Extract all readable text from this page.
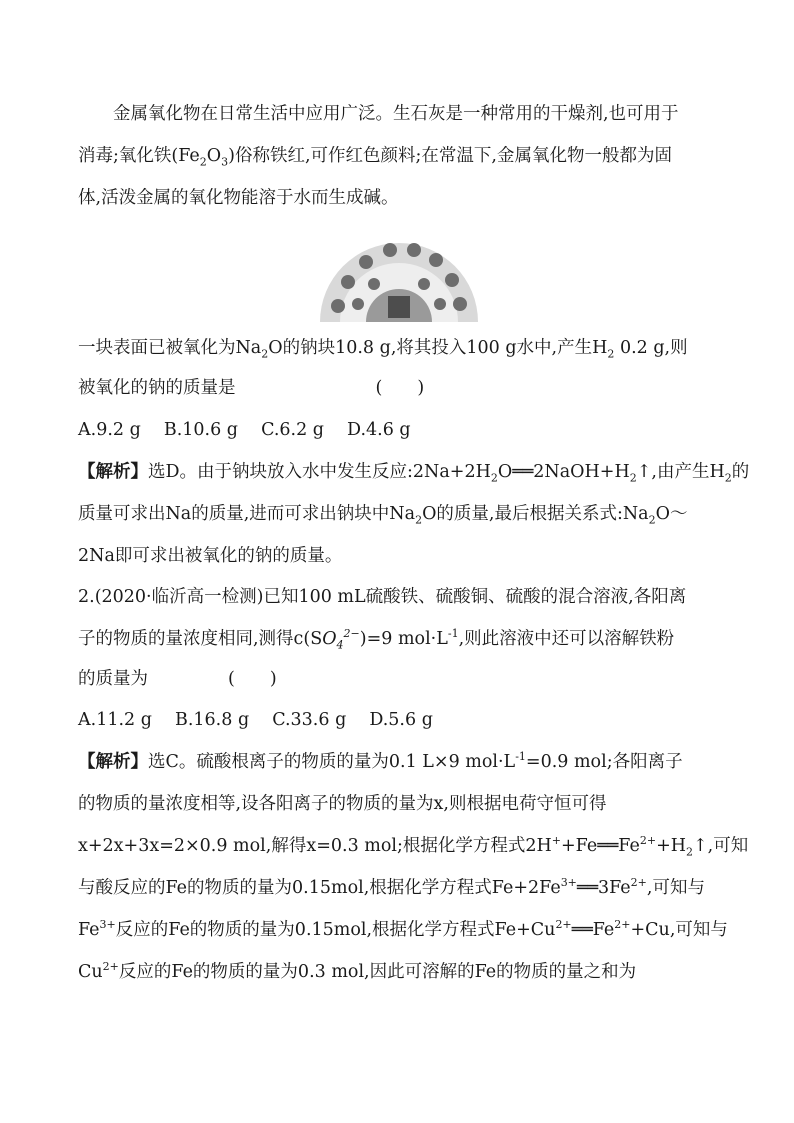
金属氧化物在日常生活中应用广泛。生石灰是一种常用的干燥剂,也可用于
消毒;氧化铁$(Fe_2O_3)$俗称铁红,可作红色颜料;在常温下,金属氧化物一般都为固
体,活泼金属的氧化物能溶于水而生成碱。
一块表面已被氧化为$Na_2O$的钠块10.8 g,将其投入100 g水中,产生$H_2$ 0.2 g,则
被氧化的钠的质量是	(　　)
A.9.2 g　 B.10.6 g　 C.6.2 g　 D.4.6 g
【解析】选D。由于钠块放入水中发生反应$:2Na+2H_2O══2NaOH+H_2↑$,由产生$H_2$的
质量可求出Na的质量,进而可求出钠块中$Na_2O$的质量,最后根据关系式$:Na_2O\sim$
2Na即可求出被氧化的钠的质量。
2.(2020·临沂高一检测)已知100 mL硫酸铁、硫酸铜、硫酸的混合溶液,各阳离
子的物质的量浓度相同,测得$c(SO_4^{2-})=9$ $mol\cdot L^{-1}$,则此溶液中还可以溶解铁粉
的质量为	(　　)
A.11.2 g　 B.16.8 g　 C.33.6 g　 D.5.6 g
【解析】选C。硫酸根离子的物质的量为0.1 L×9 $mol\cdot L^{-1}=0.9$ mol;各阳离子
的物质的量浓度相等,设各阳离子的物质的量为x,则根据电荷守恒可得
x+2x+3x=2×0.9 mol,解得x=0.3 mol;根据化学方程式$2H^++Fe══Fe^{2+}+H_2↑$,可知
与酸反应的Fe的物质的量为0.15mol,根据化学方程式$Fe+2Fe^{3+}══3Fe^{2+}$,可知与
$Fe^{3+}$反应的Fe的物质的量为0.15mol,根据化学方程式$Fe+Cu^{2+}══Fe^{2+}+Cu$,可知与
$Cu^{2+}$反应的Fe的物质的量为0.3 mol,因此可溶解的Fe的物质的量之和为
